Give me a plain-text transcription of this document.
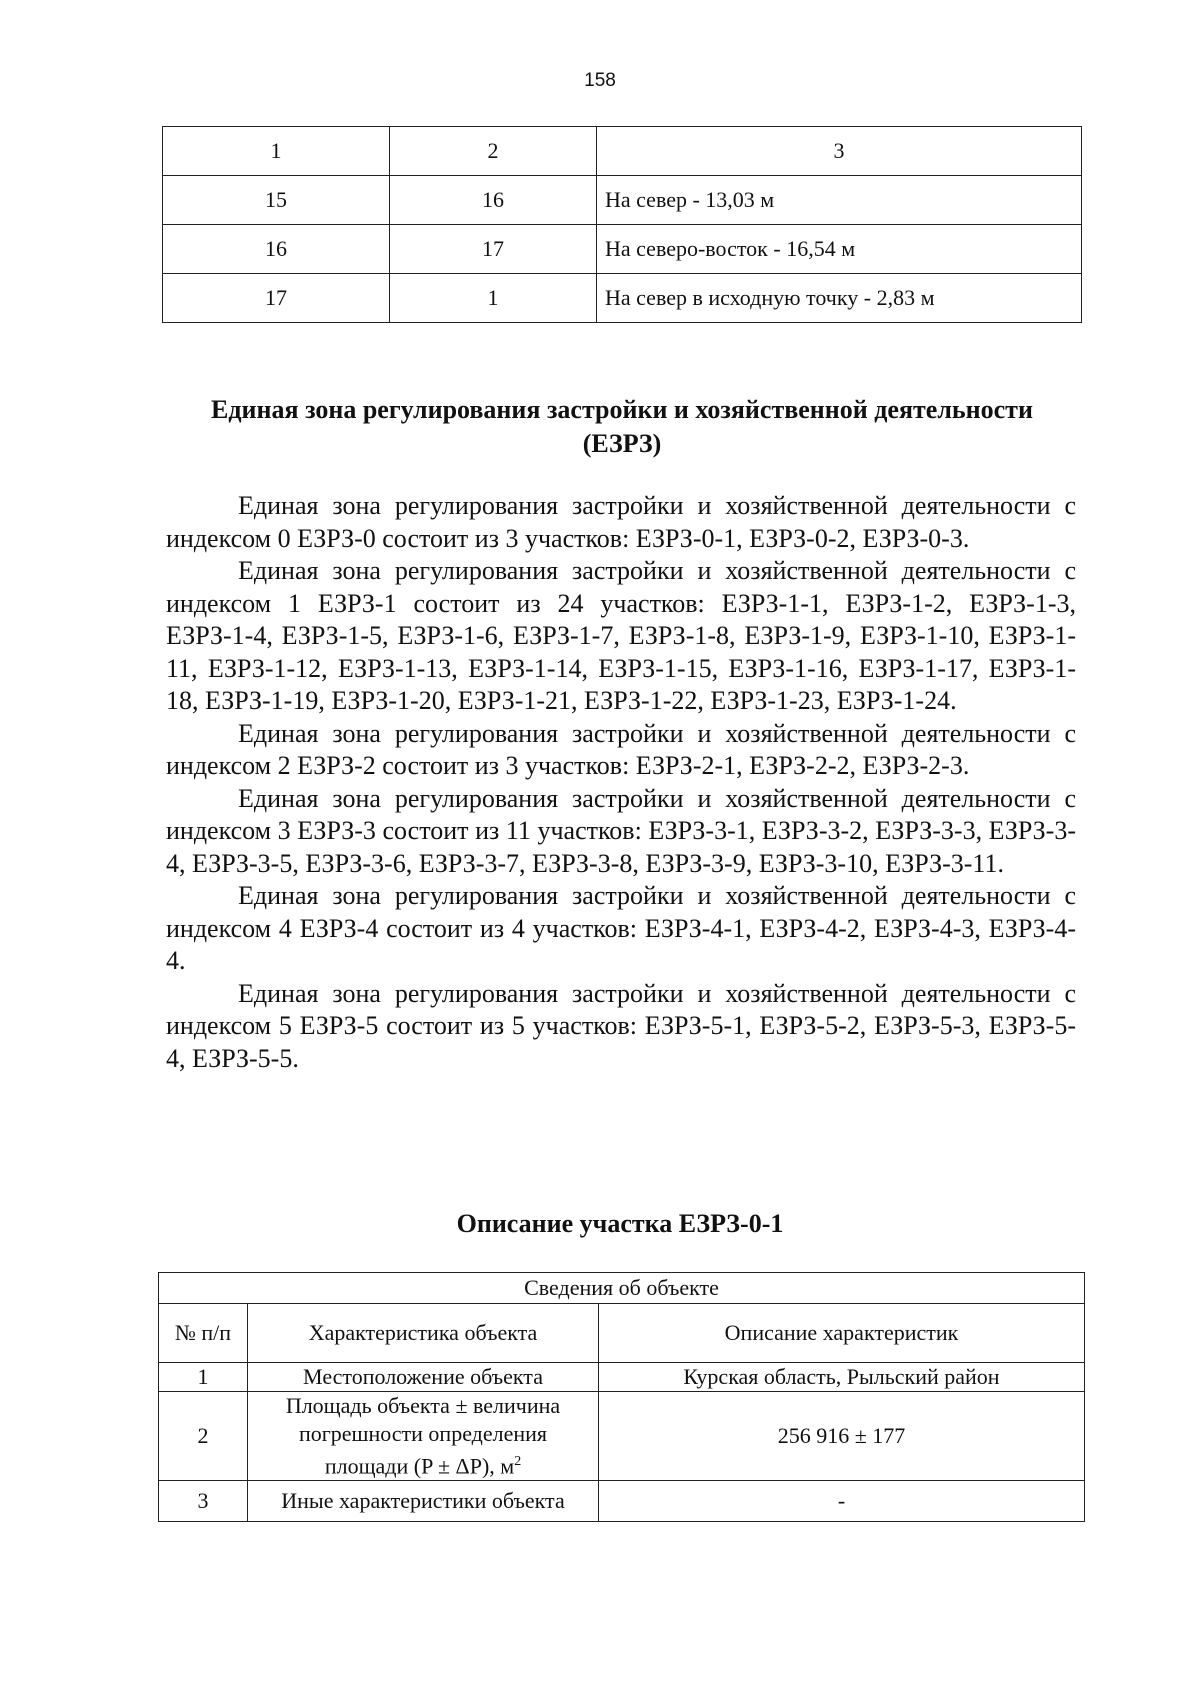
158
1	2	3
15	16	На север - 13,03 м
16	17	На северо-восток - 16,54 м
17	1	На север в исходную точку - 2,83 м
Единая зона регулирования застройки и хозяйственной деятельности
(ЕЗРЗ)

Единая зона регулирования застройки и хозяйственной деятельности с индексом 0 ЕЗРЗ-0 состоит из 3 участков: ЕЗРЗ-0-1, ЕЗРЗ-0-2, ЕЗРЗ-0-3.

Единая зона регулирования застройки и хозяйственной деятельности с индексом 1 ЕЗРЗ-1 состоит из 24 участков: ЕЗРЗ-1-1, ЕЗРЗ-1-2, ЕЗРЗ-1-3, ЕЗРЗ-1-4, ЕЗРЗ-1-5, ЕЗРЗ-1-6, ЕЗРЗ-1-7, ЕЗРЗ-1-8, ЕЗРЗ-1-9, ЕЗРЗ-1-10, ЕЗРЗ-1-11, ЕЗРЗ-1-12, ЕЗРЗ-1-13, ЕЗРЗ-1-14, ЕЗРЗ-1-15, ЕЗРЗ-1-16, ЕЗРЗ-1-17, ЕЗРЗ-1-18, ЕЗРЗ-1-19, ЕЗРЗ-1-20, ЕЗРЗ-1-21, ЕЗРЗ-1-22, ЕЗРЗ-1-23, ЕЗРЗ-1-24.

Единая зона регулирования застройки и хозяйственной деятельности с индексом 2 ЕЗРЗ-2 состоит из 3 участков: ЕЗРЗ-2-1, ЕЗРЗ-2-2, ЕЗРЗ-2-3.

Единая зона регулирования застройки и хозяйственной деятельности с индексом 3 ЕЗРЗ-3 состоит из 11 участков: ЕЗРЗ-3-1, ЕЗРЗ-3-2, ЕЗРЗ-3-3, ЕЗРЗ-3-4, ЕЗРЗ-3-5, ЕЗРЗ-3-6, ЕЗРЗ-3-7, ЕЗРЗ-3-8, ЕЗРЗ-3-9, ЕЗРЗ-3-10, ЕЗРЗ-3-11.

Единая зона регулирования застройки и хозяйственной деятельности с индексом 4 ЕЗРЗ-4 состоит из 4 участков: ЕЗРЗ-4-1, ЕЗРЗ-4-2, ЕЗРЗ-4-3, ЕЗРЗ-4-4.

Единая зона регулирования застройки и хозяйственной деятельности с индексом 5 ЕЗРЗ-5 состоит из 5 участков: ЕЗРЗ-5-1, ЕЗРЗ-5-2, ЕЗРЗ-5-3, ЕЗРЗ-5-4, ЕЗРЗ-5-5.

Описание участка ЕЗРЗ-0-1
Сведения об объекте		
№ п/п	Характеристика объекта	Описание характеристик
1	Местоположение объекта	Курская область, Рыльский район
2	Площадь объекта ± величина
погрешности определения
площади (P ± ΔP), $м^2$	256 916 ± 177
3	Иные характеристики объекта	-
